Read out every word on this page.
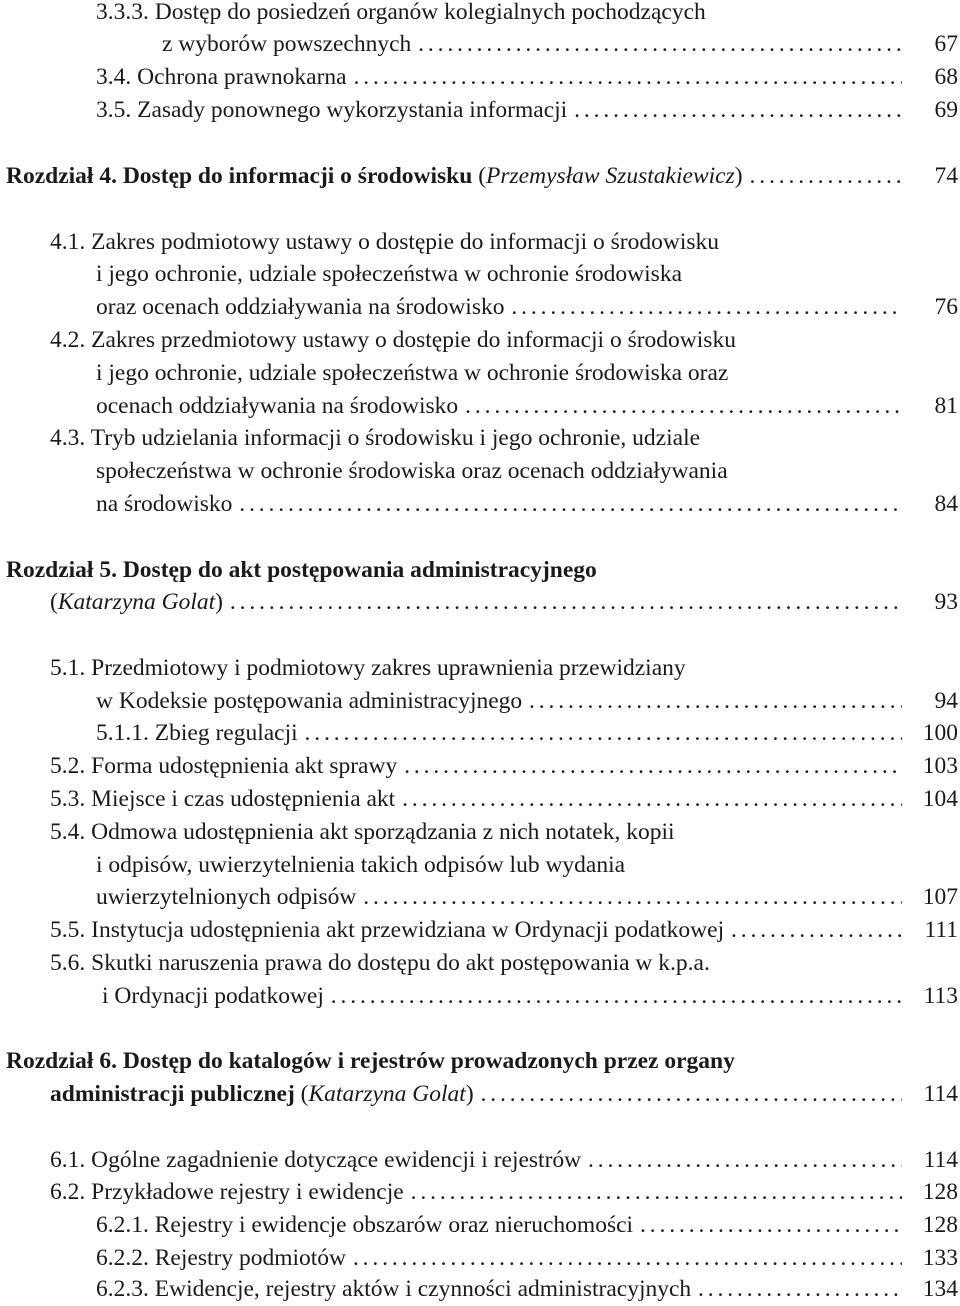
3.3.3. Dostęp do posiedzeń organów kolegialnych pochodzących
z wyborów powszechnych . . .	67
3.4. Ochrona prawnokarna . . .	68
3.5. Zasady ponownego wykorzystania informacji . . .	69
Rozdział 4. Dostęp do informacji o środowisku (Przemysław Szustakiewicz) . . .	74
4.1. Zakres podmiotowy ustawy o dostępie do informacji o środowisku
i jego ochronie, udziale społeczeństwa w ochronie środowiska
oraz ocenach oddziaływania na środowisko . . .	76
4.2. Zakres przedmiotowy ustawy o dostępie do informacji o środowisku
i jego ochronie, udziale społeczeństwa w ochronie środowiska oraz
ocenach oddziaływania na środowisko . . .	81
4.3. Tryb udzielania informacji o środowisku i jego ochronie, udziale
społeczeństwa w ochronie środowiska oraz ocenach oddziaływania
na środowisko . . .	84
Rozdział 5. Dostęp do akt postępowania administracyjnego
(Katarzyna Golat) . . .	93
5.1. Przedmiotowy i podmiotowy zakres uprawnienia przewidziany
w Kodeksie postępowania administracyjnego . . .	94
5.1.1. Zbieg regulacji . . .	100
5.2. Forma udostępnienia akt sprawy . . .	103
5.3. Miejsce i czas udostępnienia akt . . .	104
5.4. Odmowa udostępnienia akt sporządzania z nich notatek, kopii
i odpisów, uwierzytelnienia takich odpisów lub wydania
uwierzytelnionych odpisów . . .	107
5.5. Instytucja udostępnienia akt przewidziana w Ordynacji podatkowej . . .	111
5.6. Skutki naruszenia prawa do dostępu do akt postępowania w k.p.a.
i Ordynacji podatkowej . . .	113
Rozdział 6. Dostęp do katalogów i rejestrów prowadzonych przez organy
administracji publicznej (Katarzyna Golat) . . .	114
6.1. Ogólne zagadnienie dotyczące ewidencji i rejestrów . . .	114
6.2. Przykładowe rejestry i ewidencje . . .	128
6.2.1. Rejestry i ewidencje obszarów oraz nieruchomości . . .	128
6.2.2. Rejestry podmiotów . . .	133
6.2.3. Ewidencje, rejestry aktów i czynności administracyjnych . . .	134
